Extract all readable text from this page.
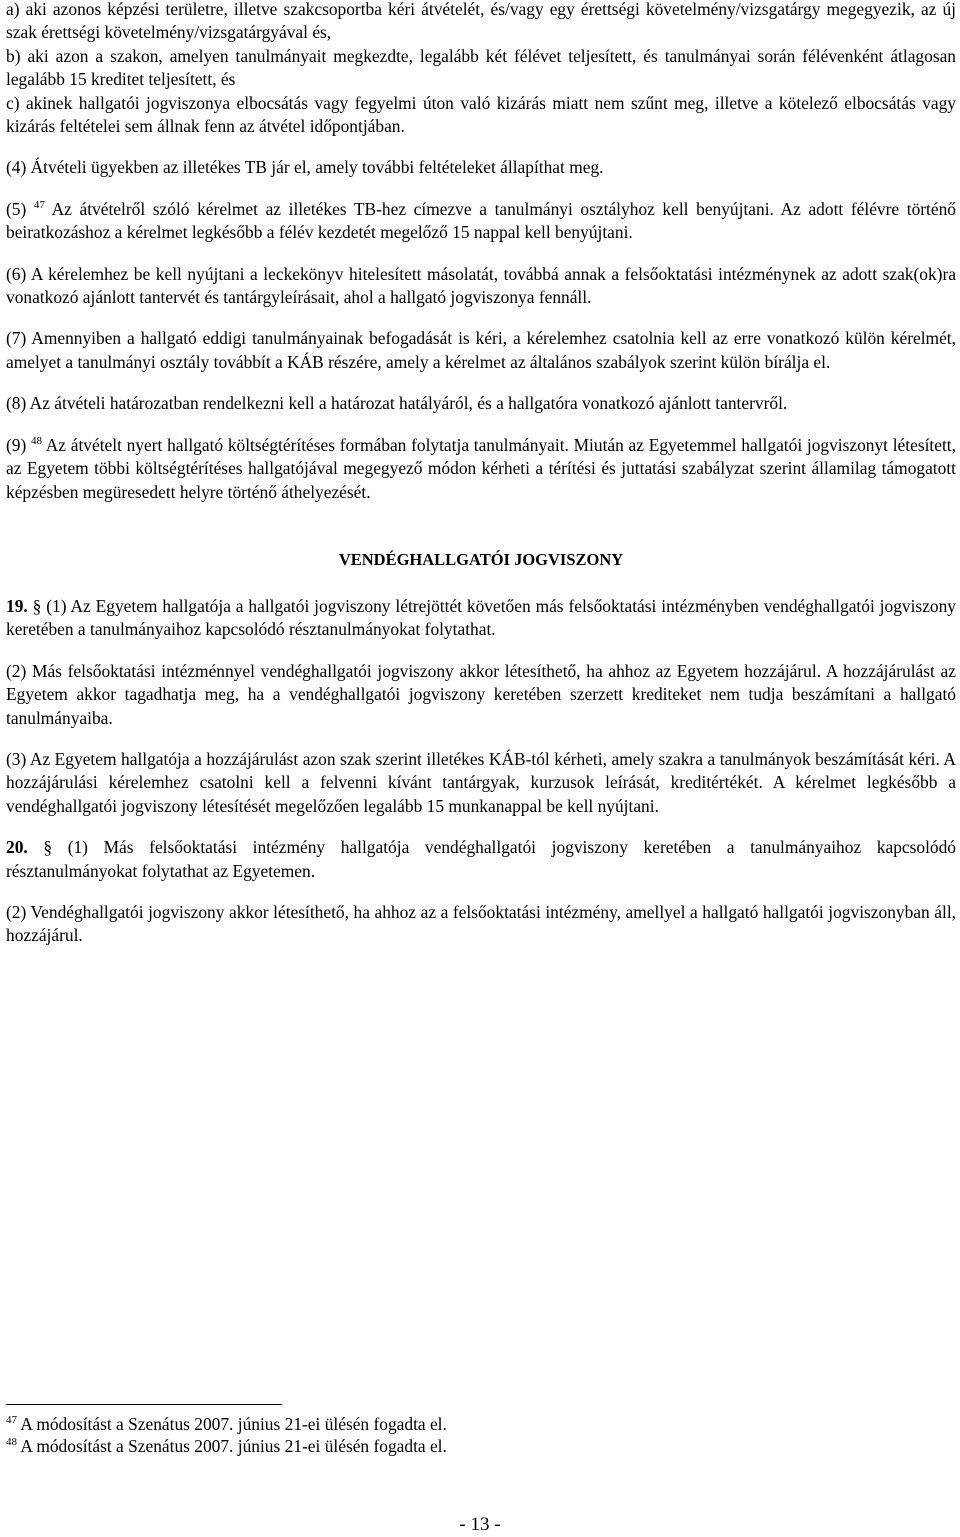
a) aki azonos képzési területre, illetve szakcsoportba kéri átvételét, és/vagy egy érettségi követelmény/vizsgatárgy megegyezik, az új szak érettségi követelmény/vizsgatárgyával és,

b) aki azon a szakon, amelyen tanulmányait megkezdte, legalább két félévet teljesített, és tanulmányai során félévenként átlagosan legalább 15 kreditet teljesített, és

c) akinek hallgatói jogviszonya elbocsátás vagy fegyelmi úton való kizárás miatt nem szűnt meg, illetve a kötelező elbocsátás vagy kizárás feltételei sem állnak fenn az átvétel időpontjában.

(4) Átvételi ügyekben az illetékes TB jár el, amely további feltételeket állapíthat meg.

(5) $^{47}$ Az átvételről szóló kérelmet az illetékes TB-hez címezve a tanulmányi osztályhoz kell benyújtani. Az adott félévre történő beiratkozáshoz a kérelmet legkésőbb a félév kezdetét megelőző 15 nappal kell benyújtani.

(6) A kérelemhez be kell nyújtani a leckekönyv hitelesített másolatát, továbbá annak a felsőoktatási intézménynek az adott szak(ok)ra vonatkozó ajánlott tantervét és tantárgyleírásait, ahol a hallgató jogviszonya fennáll.

(7) Amennyiben a hallgató eddigi tanulmányainak befogadását is kéri, a kérelemhez csatolnia kell az erre vonatkozó külön kérelmét, amelyet a tanulmányi osztály továbbít a KÁB részére, amely a kérelmet az általános szabályok szerint külön bírálja el.

(8) Az átvételi határozatban rendelkezni kell a határozat hatályáról, és a hallgatóra vonatkozó ajánlott tantervről.

(9) $^{48}$ Az átvételt nyert hallgató költségtérítéses formában folytatja tanulmányait. Miután az Egyetemmel hallgatói jogviszonyt létesített, az Egyetem többi költségtérítéses hallgatójával megegyező módon kérheti a térítési és juttatási szabályzat szerint államilag támogatott képzésben megüresedett helyre történő áthelyezését.

VENDÉGHALLGATÓI JOGVISZONY

19. § (1) Az Egyetem hallgatója a hallgatói jogviszony létrejöttét követően más felsőoktatási intézményben vendéghallgatói jogviszony keretében a tanulmányaihoz kapcsolódó résztanulmányokat folytathat.

(2) Más felsőoktatási intézménnyel vendéghallgatói jogviszony akkor létesíthető, ha ahhoz az Egyetem hozzájárul. A hozzájárulást az Egyetem akkor tagadhatja meg, ha a vendéghallgatói jogviszony keretében szerzett krediteket nem tudja beszámítani a hallgató tanulmányaiba.

(3) Az Egyetem hallgatója a hozzájárulást azon szak szerint illetékes KÁB-tól kérheti, amely szakra a tanulmányok beszámítását kéri. A hozzájárulási kérelemhez csatolni kell a felvenni kívánt tantárgyak, kurzusok leírását, kreditértékét. A kérelmet legkésőbb a vendéghallgatói jogviszony létesítését megelőzően legalább 15 munkanappal be kell nyújtani.

20. § (1) Más felsőoktatási intézmény hallgatója vendéghallgatói jogviszony keretében a tanulmányaihoz kapcsolódó résztanulmányokat folytathat az Egyetemen.

(2) Vendéghallgatói jogviszony akkor létesíthető, ha ahhoz az a felsőoktatási intézmény, amellyel a hallgató hallgatói jogviszonyban áll, hozzájárul.

$^{47}$ A módosítást a Szenátus 2007. június 21-ei ülésén fogadta el.

$^{48}$ A módosítást a Szenátus 2007. június 21-ei ülésén fogadta el.

- 13 -
